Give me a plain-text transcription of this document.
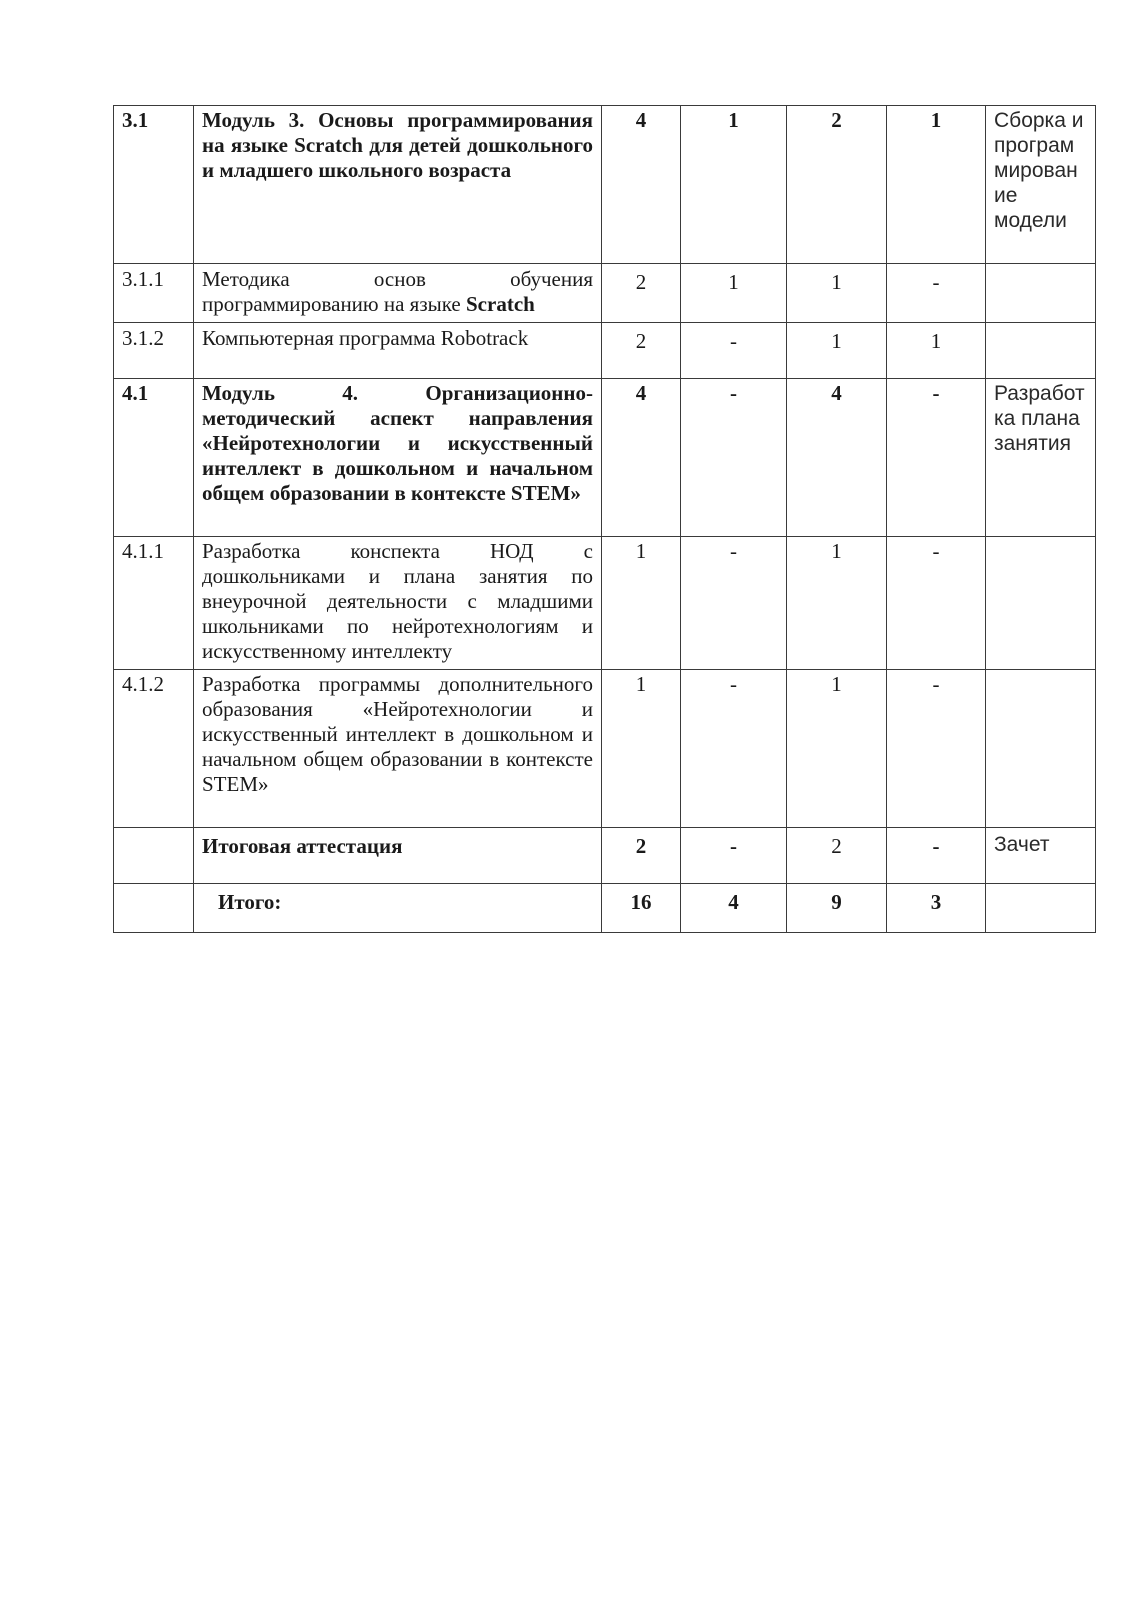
3.1	Модуль 3. Основы программирования на языке Scratch для детей дошкольного и младшего школьного возраста	4	1	2	1	Сборка и програм мирован ие модели
3.1.1	Методика основ обучения программированию на языке Scratch	2	1	1	-	
3.1.2	Компьютерная программа Robotrack	2	-	1	1	
4.1	Модуль 4. Организационно-методический аспект направления «Нейротехнологии и искусственный интеллект в дошкольном и начальном общем образовании в контексте STEM»	4	-	4	-	Разработ ка плана занятия
4.1.1	Разработка конспекта НОД с дошкольниками и плана занятия по внеурочной деятельности с младшими школьниками по нейротехнологиям и искусственному интеллекту	1	-	1	-	
4.1.2	Разработка программы дополнительного образования «Нейротехнологии и искусственный интеллект в дошкольном и начальном общем образовании в контексте STEM»	1	-	1	-	
	Итоговая аттестация	2	-	2	-	Зачет
	Итого:	16	4	9	3	
